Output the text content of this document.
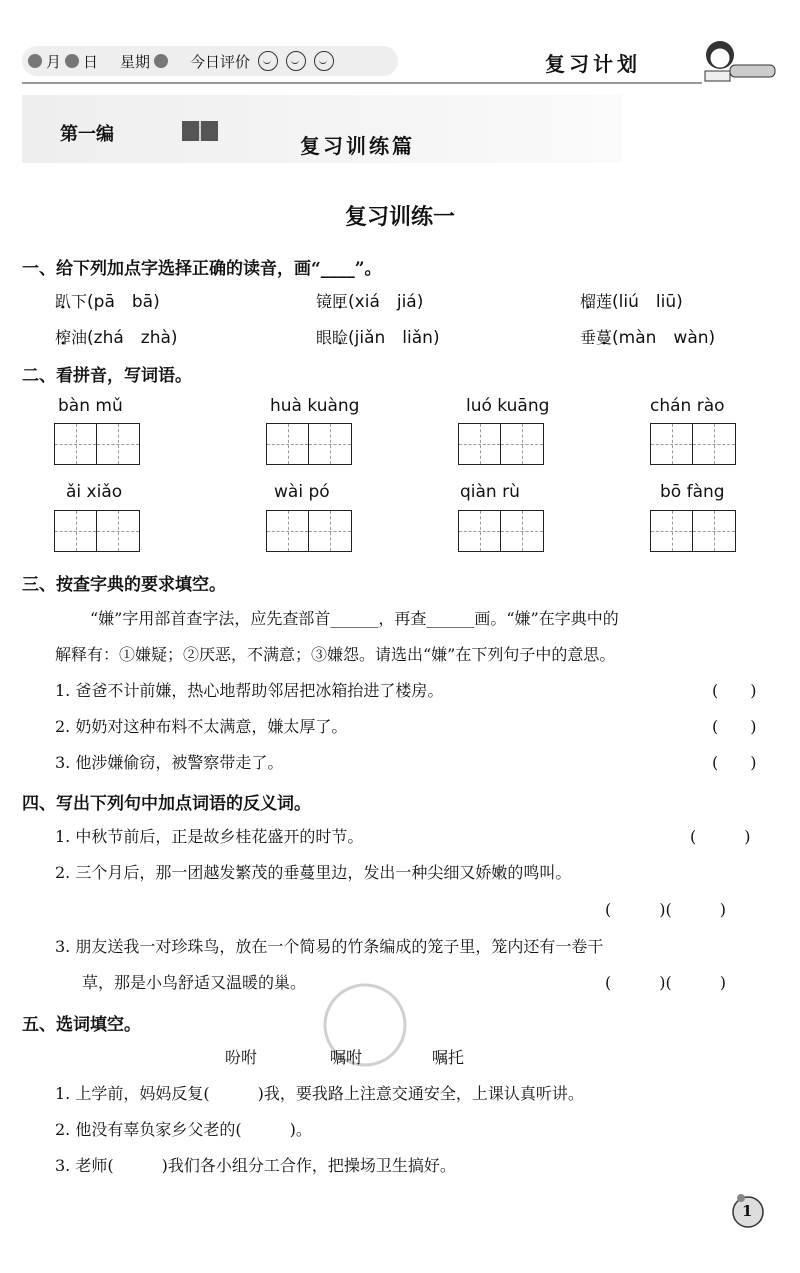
月 日 星期	今日评价	复习计划
第一编	复习训练篇
复习训练一
一、给下列加点字选择正确的读音，画“____”。
趴下(pā　bā)	镜匣(xiá　jiá)	榴莲(liú　liū)
榨油(zhá　zhà)	眼睑(jiǎn　liǎn)	垂蔓(màn　wàn)
二、看拼音，写词语。
bàn mǔ	huà kuàng	luó kuāng	chán rào
ǎi xiǎo	wài pó	qiàn rù	bō fàng
三、按查字典的要求填空。
“嫌”字用部首查字法，应先查部首______，再查______画。“嫌”在字典中的
解释有：①嫌疑；②厌恶，不满意；③嫌怨。请选出“嫌”在下列句子中的意思。
1. 爸爸不计前嫌，热心地帮助邻居把冰箱抬进了楼房。	(　　)
2. 奶奶对这种布料不太满意，嫌太厚了。	(　　)
3. 他涉嫌偷窃，被警察带走了。	(　　)
四、写出下列句中加点词语的反义词。
1. 中秋节前后，正是故乡桂花盛开的时节。	(　　　)
2. 三个月后，那一团越发繁茂的垂蔓里边，发出一种尖细又娇嫩的鸣叫。
(　　　)(　　　)
3. 朋友送我一对珍珠鸟，放在一个简易的竹条编成的笼子里，笼内还有一卷干
草，那是小鸟舒适又温暖的巢。	(　　　)(　　　)
五、选词填空。
吩咐	嘱咐	嘱托
1. 上学前，妈妈反复(　　　)我，要我路上注意交通安全，上课认真听讲。
2. 他没有辜负家乡父老的(　　　)。
3. 老师(　　　)我们各小组分工合作，把操场卫生搞好。
1
